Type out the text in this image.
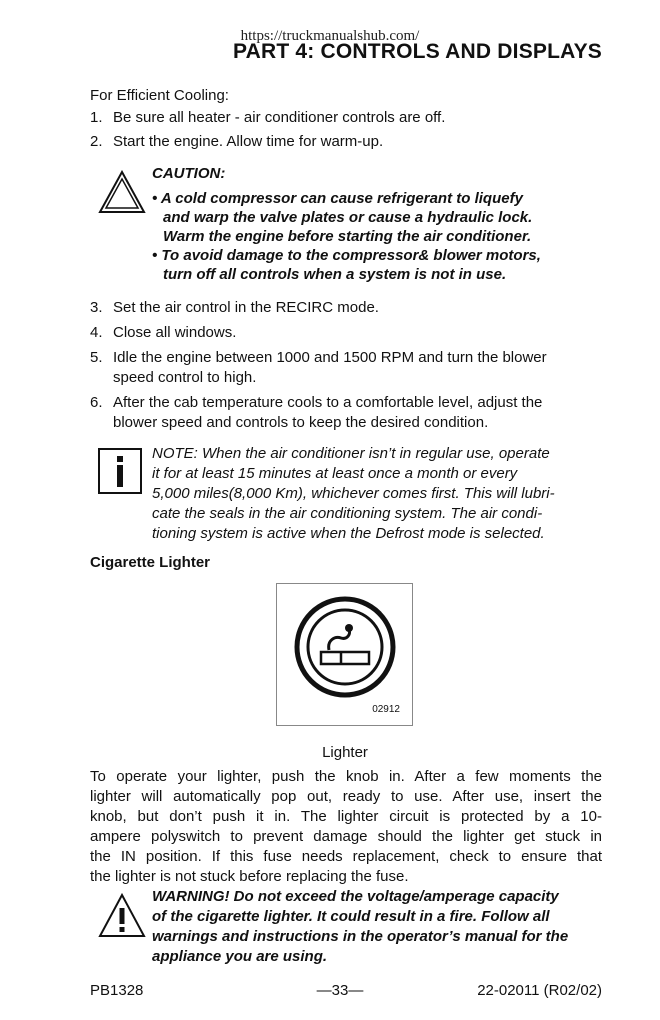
https://truckmanualshub.com/
PART 4: CONTROLS AND DISPLAYS
For Efficient Cooling:
1. Be sure all heater - air conditioner controls are off.
2. Start the engine. Allow time for warm-up.
CAUTION:
• A cold compressor can cause refrigerant to liquefy
and warp the valve plates or cause a hydraulic lock.
Warm the engine before starting the air conditioner.
• To avoid damage to the compressor& blower motors,
turn off all controls when a system is not in use.
3. Set the air control in the RECIRC mode.
4. Close all windows.
5. Idle the engine between 1000 and 1500 RPM and turn the blower
speed control to high.
6. After the cab temperature cools to a comfortable level, adjust the
blower speed and controls to keep the desired condition.
NOTE: When the air conditioner isn’t in regular use, operate
it for at least 15 minutes at least once a month or every
5,000 miles(8,000 Km), whichever comes first. This will lubri-
cate the seals in the air conditioning system. The air condi-
tioning system is active when the Defrost mode is selected.
Cigarette Lighter
02912
Lighter
To operate your lighter, push the knob in. After a few moments the
lighter will automatically pop out, ready to use. After use, insert the
knob, but don’t push it in. The lighter circuit is protected by a 10-
ampere polyswitch to prevent damage should the lighter get stuck in
the IN position. If this fuse needs replacement, check to ensure that
the lighter is not stuck before replacing the fuse.
WARNING! Do not exceed the voltage/amperage capacity
of the cigarette lighter. It could result in a fire. Follow all
warnings and instructions in the operator’s manual for the
appliance you are using.
PB1328	—33—	22-02011 (R02/02)
